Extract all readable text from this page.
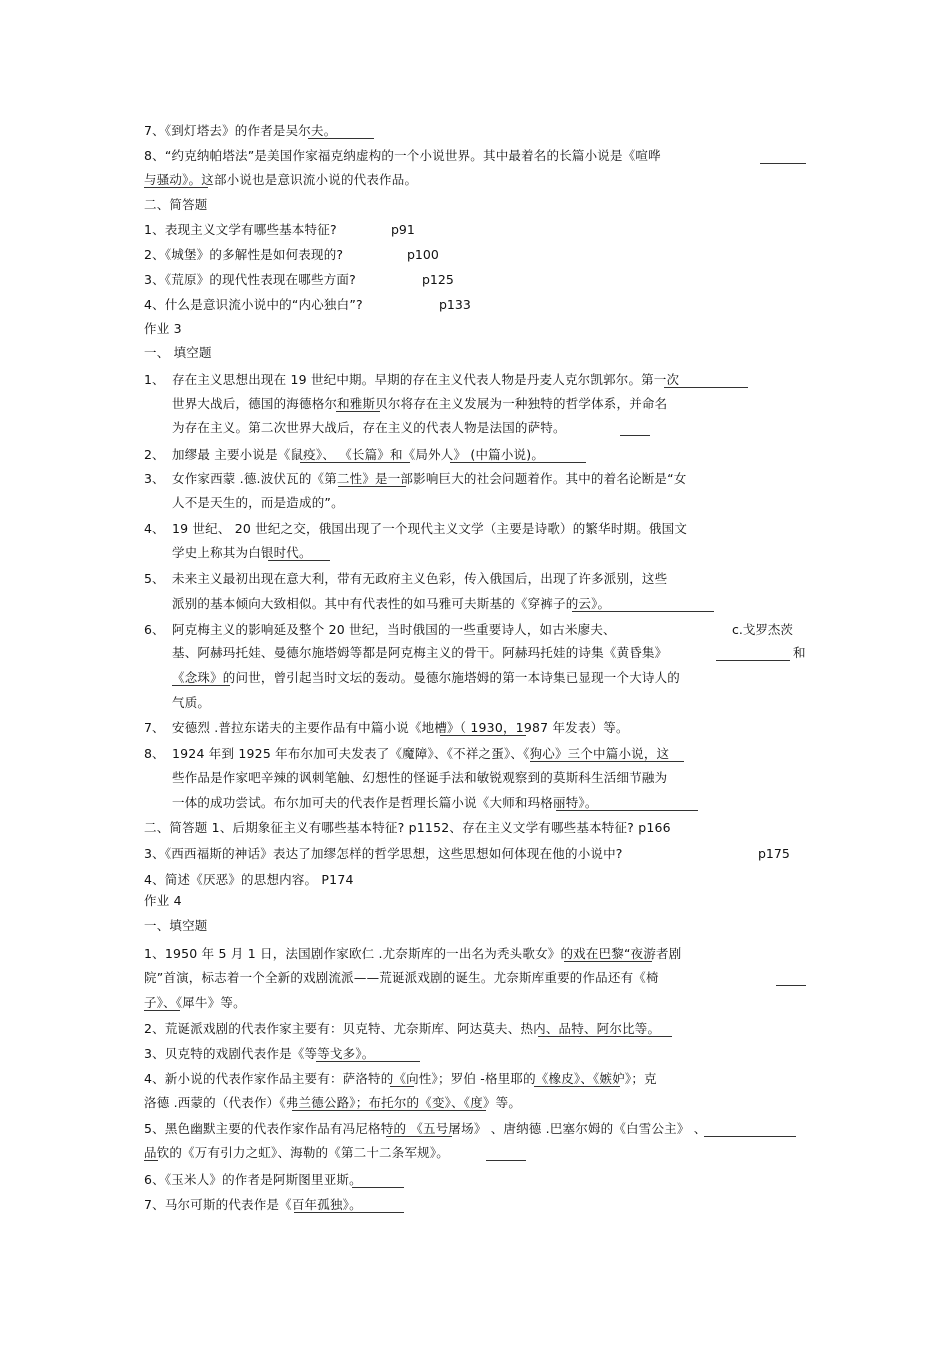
7、《到灯塔去》的作者是吴尔夫。
8、“约克纳帕塔法”是美国作家福克纳虚构的一个小说世界。其中最着名的长篇小说是《喧哗
与骚动》。这部小说也是意识流小说的代表作品。
二、简答题
1、表现主义文学有哪些基本特征?	p91
2、《城堡》的多解性是如何表现的?	p100
3、《荒原》的现代性表现在哪些方面?	p125
4、什么是意识流小说中的“内心独白”?	p133
作业 3
一、 填空题
1、 存在主义思想出现在 19 世纪中期。早期的存在主义代表人物是丹麦人克尔凯郭尔。第一次
世界大战后，德国的海德格尔和雅斯贝尔将存在主义发展为一种独特的哲学体系，并命名
为存在主义。第二次世界大战后，存在主义的代表人物是法国的萨特。
2、 加缪最 主要小说是《鼠疫》、 《长篇》和《局外人》 (中篇小说)。
3、 女作家西蒙 .德.波伏瓦的《第二性》是一部影响巨大的社会问题着作。其中的着名论断是“女
人不是天生的，而是造成的”。
4、 19 世纪、 20 世纪之交，俄国出现了一个现代主义文学（主要是诗歌）的繁华时期。俄国文
学史上称其为白银时代。
5、 未来主义最初出现在意大利，带有无政府主义色彩，传入俄国后，出现了许多派别，这些
派别的基本倾向大致相似。其中有代表性的如马雅可夫斯基的《穿裤子的云》。
6、 阿克梅主义的影响延及整个 20 世纪，当时俄国的一些重要诗人，如古米廖夫、	c.戈罗杰茨
基、阿赫玛托娃、曼德尔施塔姆等都是阿克梅主义的骨干。阿赫玛托娃的诗集《黄昏集》	和
《念珠》的问世，曾引起当时文坛的轰动。曼德尔施塔姆的第一本诗集已显现一个大诗人的
气质。
7、 安德烈 .普拉东诺夫的主要作品有中篇小说《地槽》（ 1930，1987 年发表）等。
8、 1924 年到 1925 年布尔加可夫发表了《魔障》、《不祥之蛋》、《狗心》三个中篇小说，这
些作品是作家吧辛辣的讽刺笔触、幻想性的怪诞手法和敏锐观察到的莫斯科生活细节融为
一体的成功尝试。布尔加可夫的代表作是哲理长篇小说《大师和玛格丽特》。
二、简答题 1、后期象征主义有哪些基本特征? p1152、存在主义文学有哪些基本特征? p166
3、《西西福斯的神话》表达了加缪怎样的哲学思想，这些思想如何体现在他的小说中?	p175
4、简述《厌恶》的思想内容。 P174
作业 4
一、填空题
1、1950 年 5 月 1 日，法国剧作家欧仁 .尤奈斯库的一出名为秃头歌女》的戏在巴黎“夜游者剧
院”首演，标志着一个全新的戏剧流派——荒诞派戏剧的诞生。尤奈斯库重要的作品还有《椅
子》、《犀牛》等。
2、荒诞派戏剧的代表作家主要有：贝克特、尤奈斯库、阿达莫夫、热内、品特、阿尔比等。
3、贝克特的戏剧代表作是《等等戈多》。
4、新小说的代表作家作品主要有：萨洛特的《向性》；罗伯 -格里耶的《橡皮》、《嫉妒》；克
洛德 .西蒙的（代表作）《弗兰德公路》；布托尔的《变》、《度》等。
5、黑色幽默主要的代表作家作品有冯尼格特的 《五号屠场》 、唐纳德 .巴塞尔姆的《白雪公主》 、
品钦的《万有引力之虹》、海勒的《第二十二条军规》。
6、《玉米人》的作者是阿斯图里亚斯。
7、马尔可斯的代表作是《百年孤独》。
